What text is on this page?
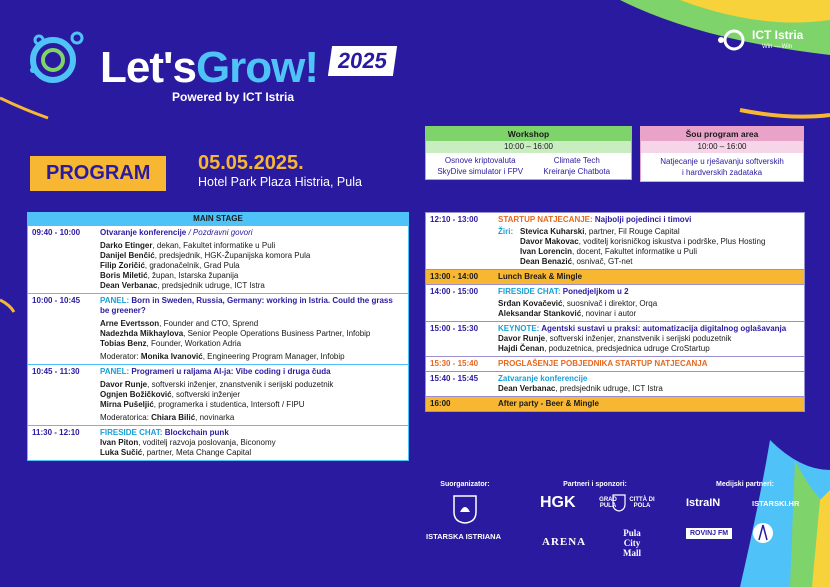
Let'sGrow! 2025
Powered by ICT Istria
ICT Istria
Win — Win
PROGRAM	05.05.2025.
Hotel Park Plaza Histria, Pula
Workshop
10:00 – 16:00
Osnove kriptovaluta	Climate Tech
SkyDive simulator i FPV	Kreiranje Chatbota
Šou program area
10:00 – 16:00
Natjecanje u rješavanju softverskih
i hardverskih zadataka
MAIN STAGE
09:40 - 10:00	Otvaranje konferencije / Pozdravni govori
Darko Etinger, dekan, Fakultet informatike u Puli
Danijel Benčić, predsjednik, HGK-Županijska komora Pula
Filip Zoričić, gradonačelnik, Grad Pula
Boris Miletić, župan, Istarska županija
Dean Verbanac, predsjednik udruge, ICT Istra
10:00 - 10:45	PANEL: Born in Sweden, Russia, Germany: working in Istria. Could the grass be greener?
Arne Evertsson, Founder and CTO, Sprend
Nadezhda Mikhaylova, Senior People Operations Business Partner, Infobip
Tobias Benz, Founder, Workation Adria
Moderator: Monika Ivanović, Engineering Program Manager, Infobip
10:45 - 11:30	PANEL: Programeri u raljama AI-ja: Vibe coding i druga čuda
Davor Runje, softverski inženjer, znanstvenik i serijski poduzetnik
Ognjen Božičković, softverski inženjer
Mirna Pušeljić, programerka i studentica, Intersoft / FIPU
Moderatorica: Chiara Bilić, novinarka
11:30 - 12:10	FIRESIDE CHAT: Blockchain punk
Ivan Piton, voditelj razvoja poslovanja, Biconomy
Luka Sučić, partner, Meta Change Capital
12:10 - 13:00	STARTUP NATJECANJE: Najbolji pojedinci i timovi
Žiri:Stevica Kuharski, partner, Fil Rouge Capital
Davor Makovac, voditelj korisničkog iskustva i podrške, Plus Hosting
Ivan Lorencin, docent, Fakultet informatike u Puli
Dean Benazić, osnivač, GT-net
13:00 - 14:00	Lunch Break & Mingle
14:00 - 15:00	FIRESIDE CHAT: Ponedjeljkom u 2
Srđan Kovačević, suosnivač i direktor, Orqa
Aleksandar Stanković, novinar i autor
15:00 - 15:30	KEYNOTE: Agentski sustavi u praksi: automatizacija digitalnog oglašavanja
Davor Runje, softverski inženjer, znanstvenik i serijski poduzetnik
Hajdi Čenan, poduzetnica, predsjednica udruge CroStartup
15:30 - 15:40	PROGLAŠENJE POBJEDNIKA STARTUP NATJECANJA
15:40 - 15:45	Zatvaranje konferencije
Dean Verbanac, predsjednik udruge, ICT Istra
16:00	After party - Beer & Mingle
Suorganizator:	Partneri i sponzori:	Medijski partneri:
ISTARSKA ISTRIANA
HGK	GRAD PULA
CITTÀ DI POLA
ARENA
Pula City Mall
IstraIN	ISTARSKI.HR
ROVINJ FM
